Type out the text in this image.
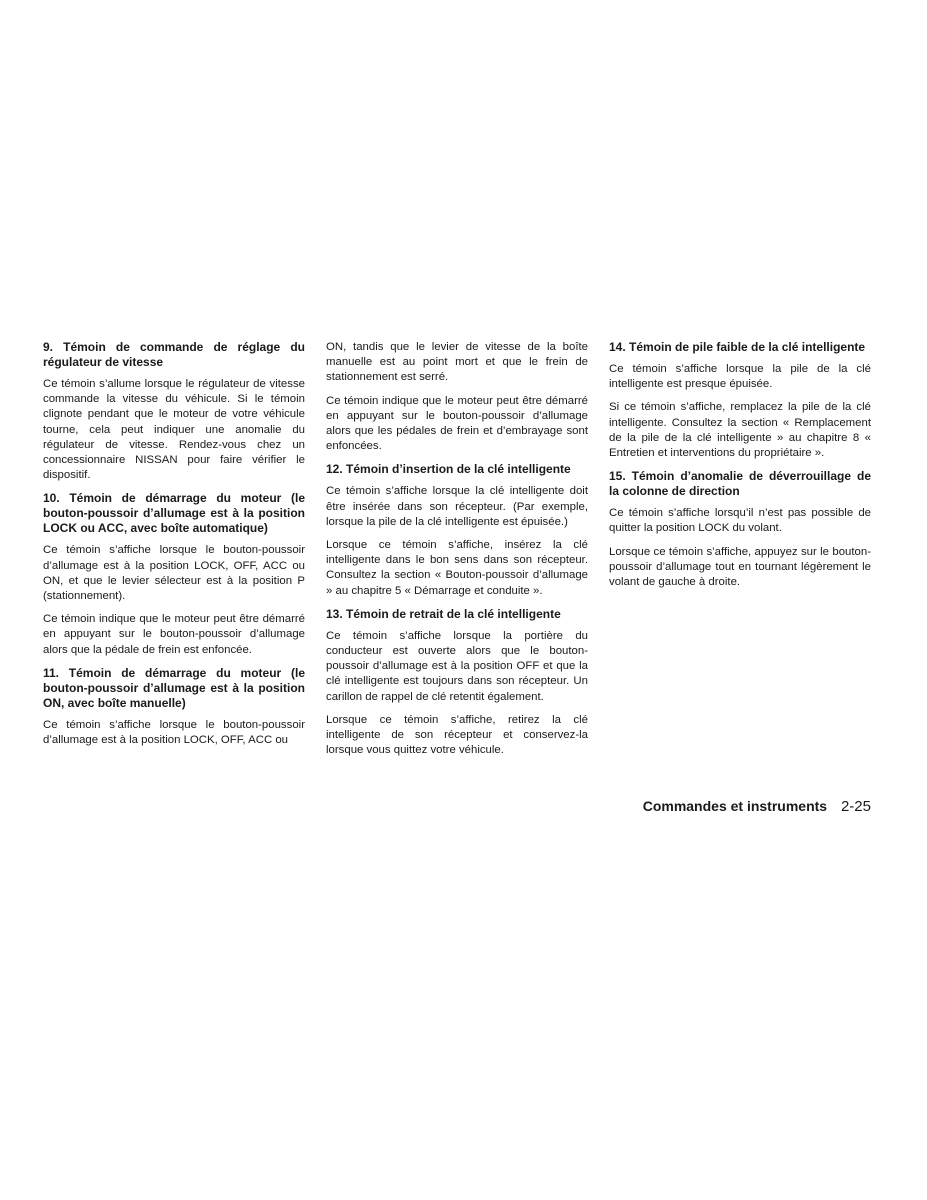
9. Témoin de commande de réglage du régulateur de vitesse
Ce témoin s’allume lorsque le régulateur de vitesse commande la vitesse du véhicule. Si le témoin clignote pendant que le moteur de votre véhicule tourne, cela peut indiquer une anomalie du régulateur de vitesse. Rendez-vous chez un concessionnaire NISSAN pour faire vérifier le dispositif.
10. Témoin de démarrage du moteur (le bouton-poussoir d’allumage est à la position LOCK ou ACC, avec boîte automatique)
Ce témoin s’affiche lorsque le bouton-poussoir d’allumage est à la position LOCK, OFF, ACC ou ON, et que le levier sélecteur est à la position P (stationnement).
Ce témoin indique que le moteur peut être démarré en appuyant sur le bouton-poussoir d’allumage alors que la pédale de frein est enfoncée.
11. Témoin de démarrage du moteur (le bouton-poussoir d’allumage est à la position ON, avec boîte manuelle)
Ce témoin s’affiche lorsque le bouton-poussoir d’allumage est à la position LOCK, OFF, ACC ou
ON, tandis que le levier de vitesse de la boîte manuelle est au point mort et que le frein de stationnement est serré.
Ce témoin indique que le moteur peut être démarré en appuyant sur le bouton-poussoir d’allumage alors que les pédales de frein et d’embrayage sont enfoncées.
12. Témoin d’insertion de la clé intelligente
Ce témoin s’affiche lorsque la clé intelligente doit être insérée dans son récepteur. (Par exemple, lorsque la pile de la clé intelligente est épuisée.)
Lorsque ce témoin s’affiche, insérez la clé intelligente dans le bon sens dans son récepteur. Consultez la section « Bouton-poussoir d’allumage » au chapitre 5 « Démarrage et conduite ».
13. Témoin de retrait de la clé intelligente
Ce témoin s’affiche lorsque la portière du conducteur est ouverte alors que le bouton-poussoir d’allumage est à la position OFF et que la clé intelligente est toujours dans son récepteur. Un carillon de rappel de clé retentit également.
Lorsque ce témoin s’affiche, retirez la clé intelligente de son récepteur et conservez-la lorsque vous quittez votre véhicule.
14. Témoin de pile faible de la clé intelligente
Ce témoin s’affiche lorsque la pile de la clé intelligente est presque épuisée.
Si ce témoin s’affiche, remplacez la pile de la clé intelligente. Consultez la section « Remplacement de la pile de la clé intelligente » au chapitre 8 « Entretien et interventions du propriétaire ».
15. Témoin d’anomalie de déverrouillage de la colonne de direction
Ce témoin s’affiche lorsqu’il n’est pas possible de quitter la position LOCK du volant.
Lorsque ce témoin s’affiche, appuyez sur le bouton-poussoir d’allumage tout en tournant légèrement le volant de gauche à droite.
Commandes et instruments 2-25
